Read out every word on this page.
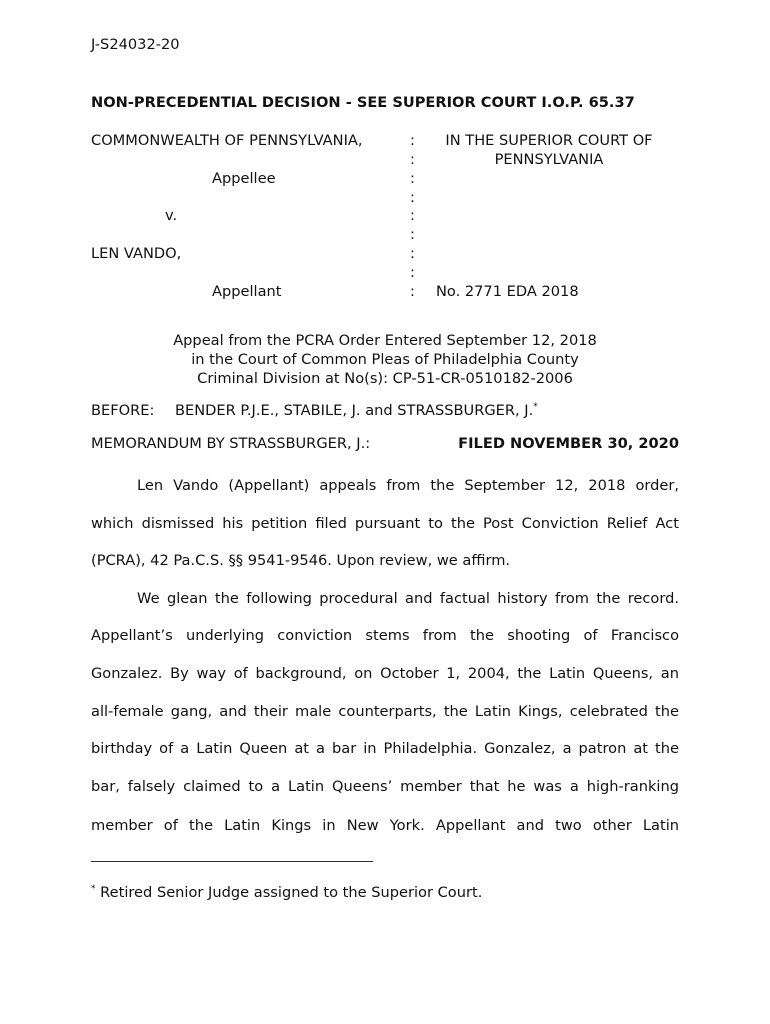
J-S24032-20
NON-PRECEDENTIAL DECISION - SEE SUPERIOR COURT I.O.P. 65.37
COMMONWEALTH OF PENNSYLVANIA,
Appellee
v.
LEN VANDO,
Appellant
:
:
:
:
:
:
:
:
:
IN THE SUPERIOR COURT OF
PENNSYLVANIA
No. 2771 EDA 2018
Appeal from the PCRA Order Entered September 12, 2018
in the Court of Common Pleas of Philadelphia County
Criminal Division at No(s): CP-51-CR-0510182-2006
BEFORE: BENDER P.J.E., STABILE, J. and STRASSBURGER, J.*
MEMORANDUM BY STRASSBURGER, J.:	FILED NOVEMBER 30, 2020
Len Vando (Appellant) appeals from the September 12, 2018 order,
which dismissed his petition filed pursuant to the Post Conviction Relief Act
(PCRA), 42 Pa.C.S. §§ 9541-9546. Upon review, we affirm.
We glean the following procedural and factual history from the record.
Appellant’s underlying conviction stems from the shooting of Francisco
Gonzalez. By way of background, on October 1, 2004, the Latin Queens, an
all-female gang, and their male counterparts, the Latin Kings, celebrated the
birthday of a Latin Queen at a bar in Philadelphia. Gonzalez, a patron at the
bar, falsely claimed to a Latin Queens’ member that he was a high-ranking
member of the Latin Kings in New York. Appellant and two other Latin
* Retired Senior Judge assigned to the Superior Court.
